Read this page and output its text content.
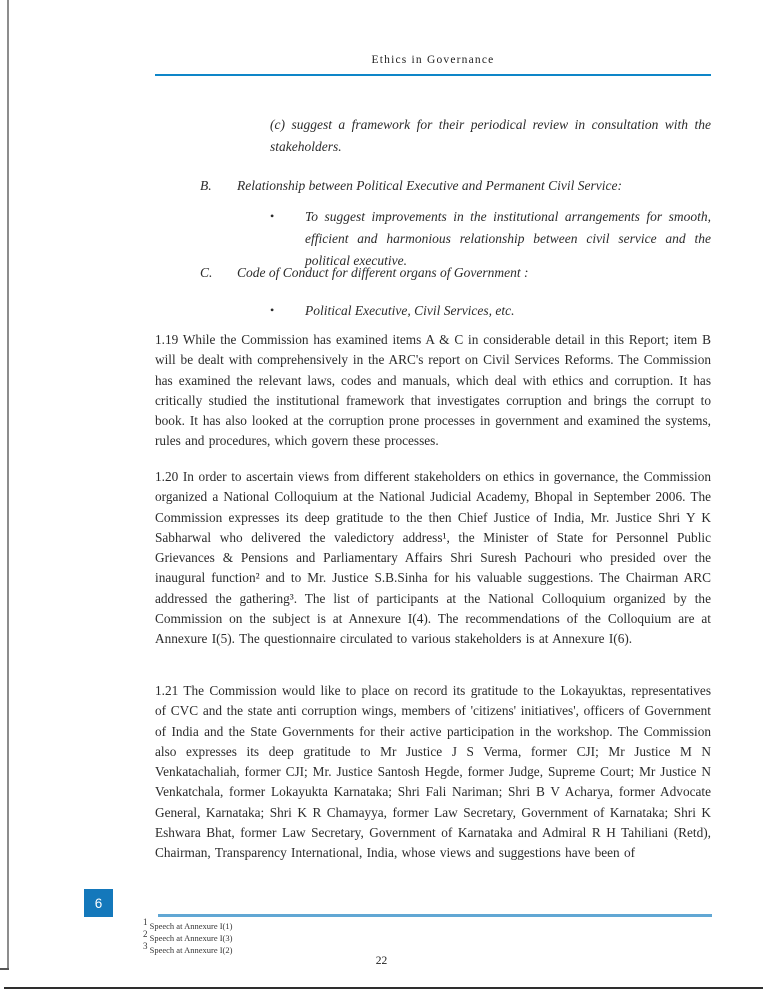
Ethics in Governance
(c) suggest a framework for their periodical review in consultation with the stakeholders.
B. Relationship between Political Executive and Permanent Civil Service:
• To suggest improvements in the institutional arrangements for smooth, efficient and harmonious relationship between civil service and the political executive.
C. Code of Conduct for different organs of Government :
• Political Executive, Civil Services, etc.
1.19 While the Commission has examined items A & C in considerable detail in this Report; item B will be dealt with comprehensively in the ARC's report on Civil Services Reforms. The Commission has examined the relevant laws, codes and manuals, which deal with ethics and corruption. It has critically studied the institutional framework that investigates corruption and brings the corrupt to book. It has also looked at the corruption prone processes in government and examined the systems, rules and procedures, which govern these processes.
1.20 In order to ascertain views from different stakeholders on ethics in governance, the Commission organized a National Colloquium at the National Judicial Academy, Bhopal in September 2006. The Commission expresses its deep gratitude to the then Chief Justice of India, Mr. Justice Shri Y K Sabharwal who delivered the valedictory address¹, the Minister of State for Personnel Public Grievances & Pensions and Parliamentary Affairs Shri Suresh Pachouri who presided over the inaugural function² and to Mr. Justice S.B.Sinha for his valuable suggestions. The Chairman ARC addressed the gathering³. The list of participants at the National Colloquium organized by the Commission on the subject is at Annexure I(4). The recommendations of the Colloquium are at Annexure I(5). The questionnaire circulated to various stakeholders is at Annexure I(6).
1.21 The Commission would like to place on record its gratitude to the Lokayuktas, representatives of CVC and the state anti corruption wings, members of 'citizens' initiatives', officers of Government of India and the State Governments for their active participation in the workshop. The Commission also expresses its deep gratitude to Mr Justice J S Verma, former CJI; Mr Justice M N Venkatachaliah, former CJI; Mr. Justice Santosh Hegde, former Judge, Supreme Court; Mr Justice N Venkatchala, former Lokayukta Karnataka; Shri Fali Nariman; Shri B V Acharya, former Advocate General, Karnataka; Shri K R Chamayya, former Law Secretary, Government of Karnataka; Shri K Eshwara Bhat, former Law Secretary, Government of Karnataka and Admiral R H Tahiliani (Retd), Chairman, Transparency International, India, whose views and suggestions have been of
6
$^1$ Speech at Annexure I(1)
$^2$ Speech at Annexure I(3)
$^3$ Speech at Annexure I(2)
22
